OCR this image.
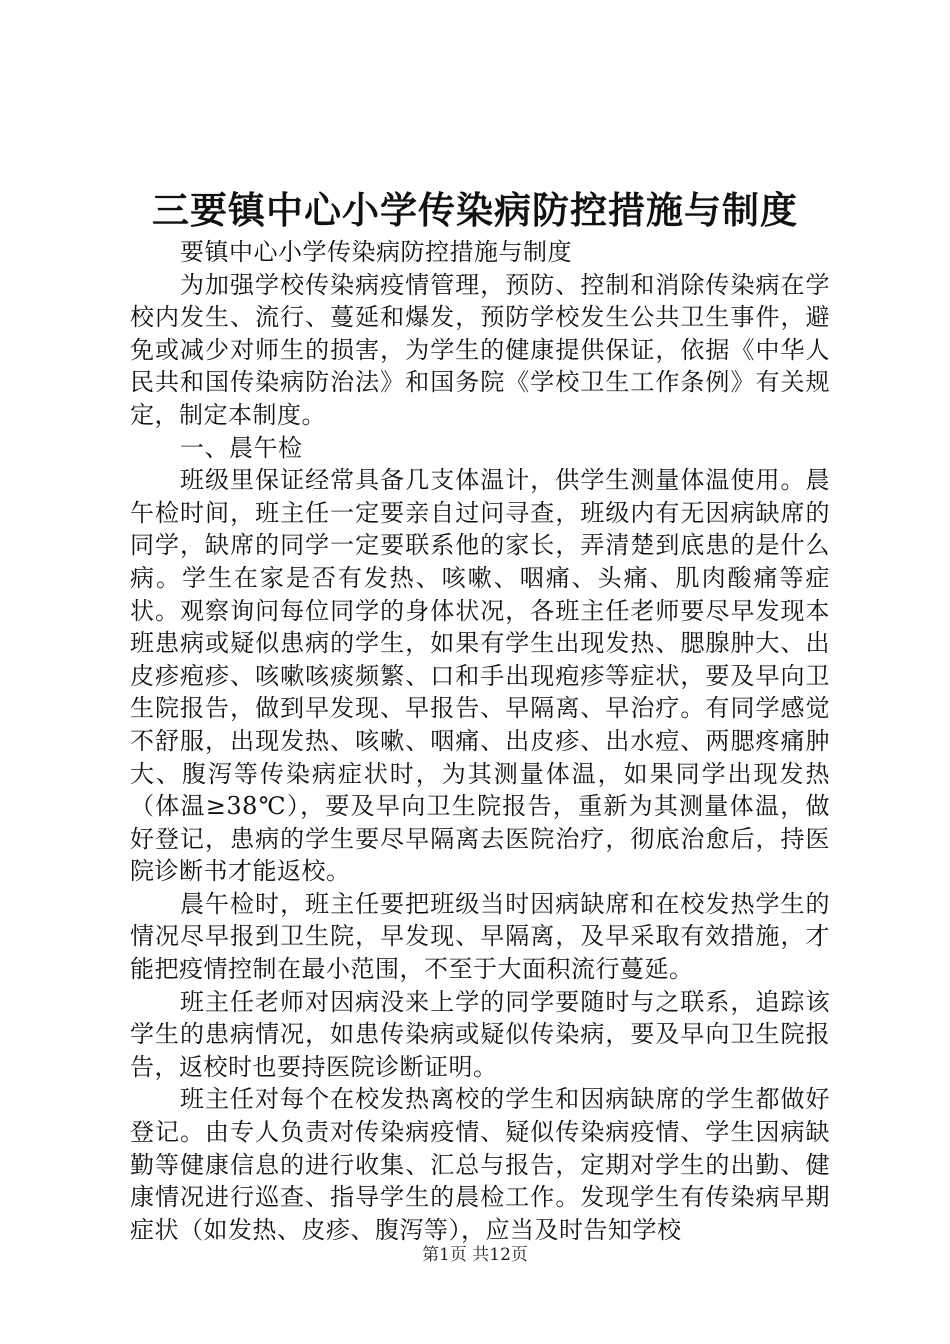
三要镇中心小学传染病防控措施与制度

要镇中心小学传染病防控措施与制度

为加强学校传染病疫情管理，预防、控制和消除传染病在学校内发生、流行、蔓延和爆发，预防学校发生公共卫生事件，避免或减少对师生的损害，为学生的健康提供保证，依据《中华人民共和国传染病防治法》和国务院《学校卫生工作条例》有关规定，制定本制度。

一、晨午检

班级里保证经常具备几支体温计，供学生测量体温使用。晨午检时间，班主任一定要亲自过问寻查，班级内有无因病缺席的同学，缺席的同学一定要联系他的家长，弄清楚到底患的是什么病。学生在家是否有发热、咳嗽、咽痛、头痛、肌肉酸痛等症状。观察询问每位同学的身体状况，各班主任老师要尽早发现本班患病或疑似患病的学生，如果有学生出现发热、腮腺肿大、出皮疹疱疹、咳嗽咳痰频繁、口和手出现疱疹等症状，要及早向卫生院报告，做到早发现、早报告、早隔离、早治疗。有同学感觉不舒服，出现发热、咳嗽、咽痛、出皮疹、出水痘、两腮疼痛肿大、腹泻等传染病症状时，为其测量体温，如果同学出现发热（体温≥38℃），要及早向卫生院报告，重新为其测量体温，做好登记，患病的学生要尽早隔离去医院治疗，彻底治愈后，持医院诊断书才能返校。

晨午检时，班主任要把班级当时因病缺席和在校发热学生的情况尽早报到卫生院，早发现、早隔离，及早采取有效措施，才能把疫情控制在最小范围，不至于大面积流行蔓延。

班主任老师对因病没来上学的同学要随时与之联系，追踪该学生的患病情况，如患传染病或疑似传染病，要及早向卫生院报告，返校时也要持医院诊断证明。

班主任对每个在校发热离校的学生和因病缺席的学生都做好登记。由专人负责对传染病疫情、疑似传染病疫情、学生因病缺勤等健康信息的进行收集、汇总与报告，定期对学生的出勤、健康情况进行巡查、指导学生的晨检工作。发现学生有传染病早期症状（如发热、皮疹、腹泻等），应当及时告知学校

第1页 共12页
